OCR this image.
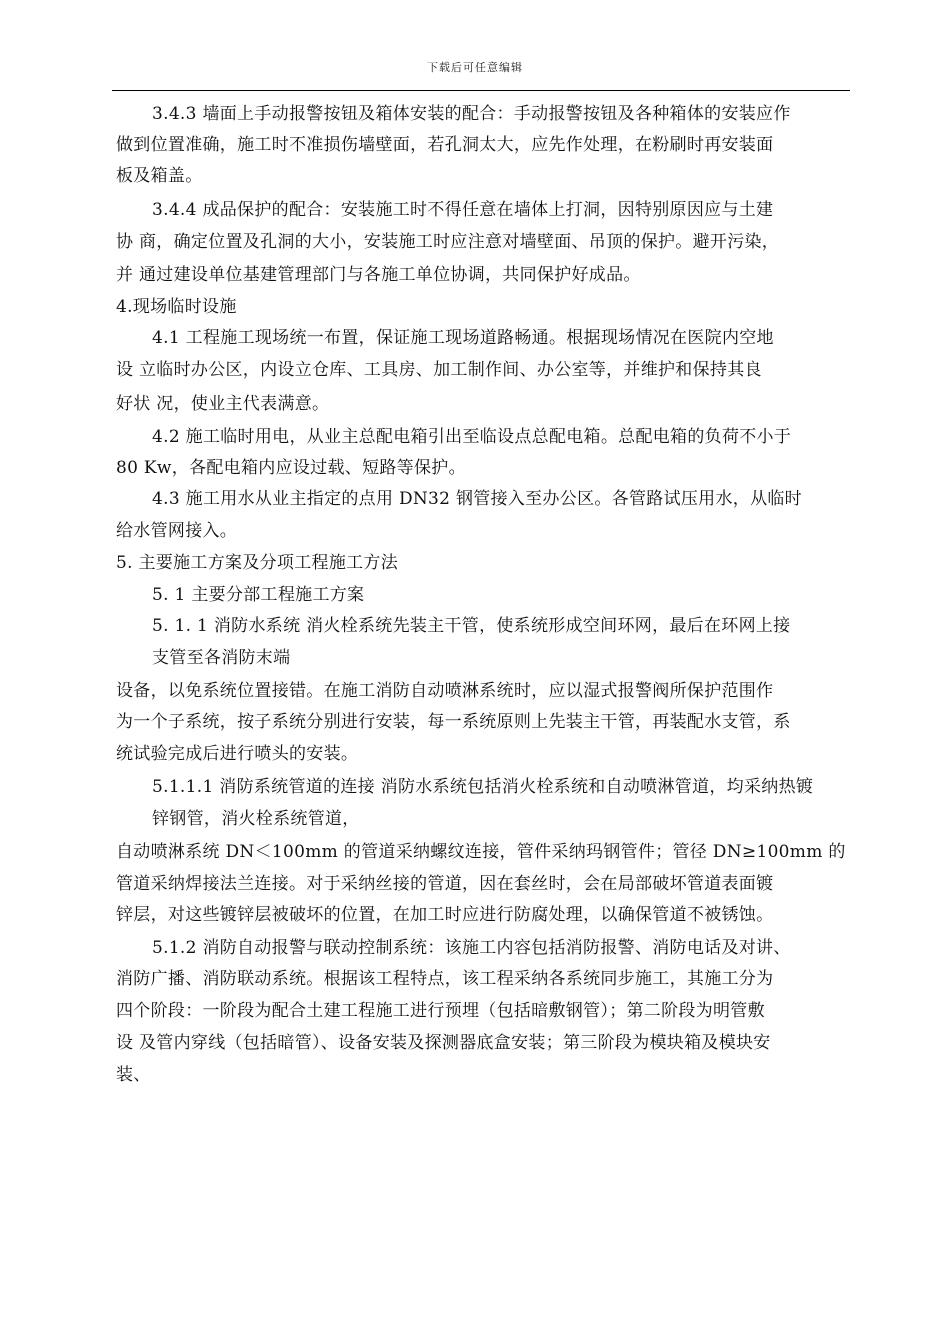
下载后可任意编辑
3.4.3 墙面上手动报警按钮及箱体安装的配合：手动报警按钮及各种箱体的安装应作
做到位置准确，施工时不准损伤墙壁面，若孔洞太大，应先作处理，在粉刷时再安装面
板及箱盖。
3.4.4 成品保护的配合：安装施工时不得任意在墙体上打洞，因特别原因应与土建
协 商，确定位置及孔洞的大小，安装施工时应注意对墙壁面、吊顶的保护。避开污染，
并 通过建设单位基建管理部门与各施工单位协调，共同保护好成品。
4.现场临时设施
4.1 工程施工现场统一布置，保证施工现场道路畅通。根据现场情况在医院内空地
设 立临时办公区，内设立仓库、工具房、加工制作间、办公室等，并维护和保持其良
好状 况，使业主代表满意。
4.2 施工临时用电，从业主总配电箱引出至临设点总配电箱。总配电箱的负荷不小于
80 Kw，各配电箱内应设过载、短路等保护。
4.3 施工用水从业主指定的点用 DN32 钢管接入至办公区。各管路试压用水，从临时
给水管网接入。
5. 主要施工方案及分项工程施工方法
5. 1 主要分部工程施工方案
5. 1. 1 消防水系统 消火栓系统先装主干管，使系统形成空间环网，最后在环网上接
支管至各消防末端
设备，以免系统位置接错。在施工消防自动喷淋系统时，应以湿式报警阀所保护范围作
为一个子系统，按子系统分别进行安装，每一系统原则上先装主干管，再装配水支管，系
统试验完成后进行喷头的安装。
5.1.1.1 消防系统管道的连接 消防水系统包括消火栓系统和自动喷淋管道，均采纳热镀
锌钢管，消火栓系统管道，
自动喷淋系统 DN＜100mm 的管道采纳螺纹连接，管件采纳玛钢管件；管径 DN≥100mm 的
管道采纳焊接法兰连接。对于采纳丝接的管道，因在套丝时，会在局部破坏管道表面镀
锌层，对这些镀锌层被破坏的位置，在加工时应进行防腐处理，以确保管道不被锈蚀。
5.1.2 消防自动报警与联动控制系统：该施工内容包括消防报警、消防电话及对讲、
消防广播、消防联动系统。根据该工程特点，该工程采纳各系统同步施工，其施工分为
四个阶段：一阶段为配合土建工程施工进行预埋（包括暗敷钢管）；第二阶段为明管敷
设 及管内穿线（包括暗管）、设备安装及探测器底盒安装；第三阶段为模块箱及模块安
装、
